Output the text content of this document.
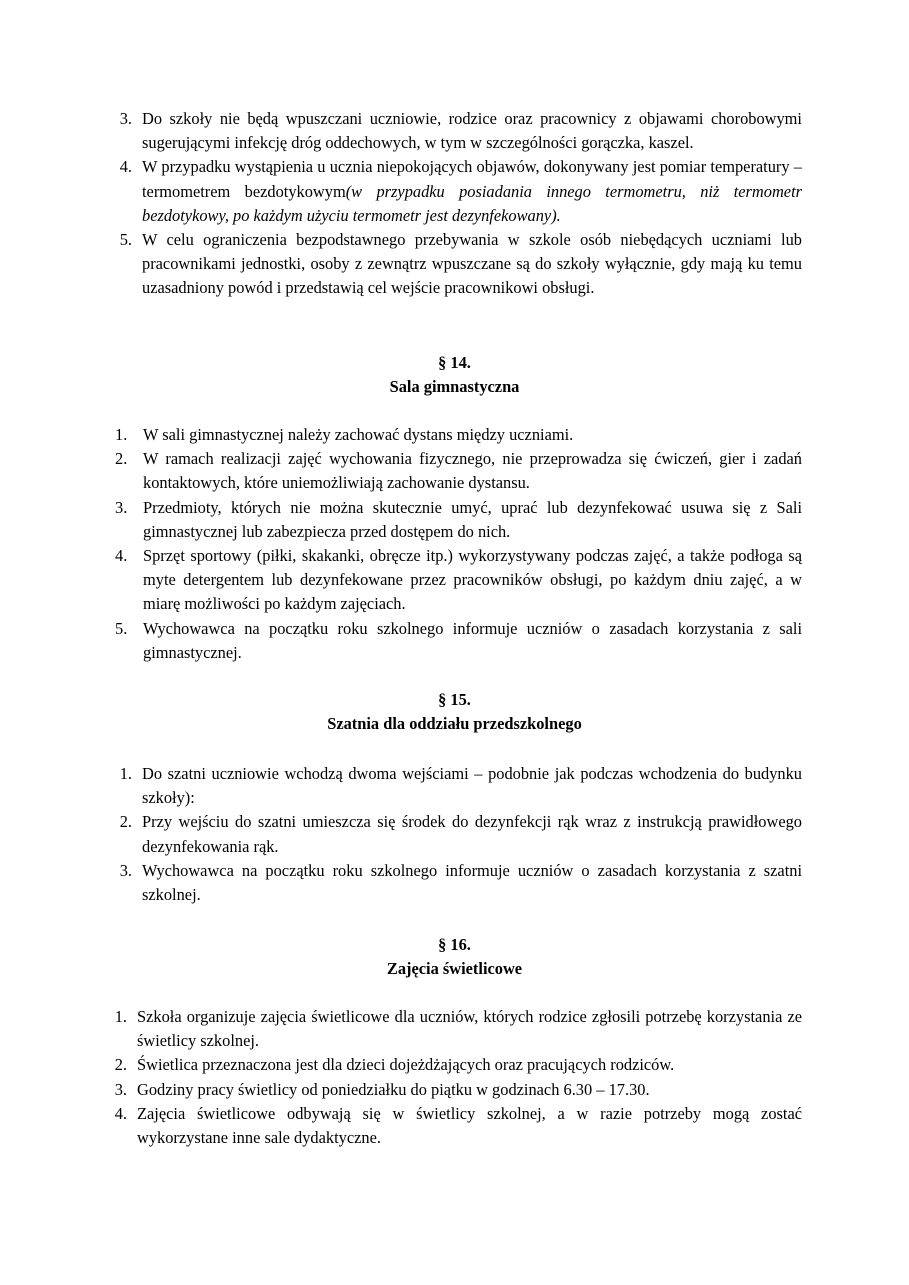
3. Do szkoły nie będą wpuszczani uczniowie, rodzice oraz pracownicy z objawami chorobowymi sugerującymi infekcję dróg oddechowych, w tym w szczególności gorączka, kaszel.
4. W przypadku wystąpienia u ucznia niepokojących objawów, dokonywany jest pomiar temperatury – termometrem bezdotykowym(w przypadku posiadania innego termometru, niż termometr bezdotykowy, po każdym użyciu termometr jest dezynfekowany).
5. W celu ograniczenia bezpodstawnego przebywania w szkole osób niebędących uczniami lub pracownikami jednostki, osoby z zewnątrz wpuszczane są do szkoły wyłącznie, gdy mają ku temu uzasadniony powód i przedstawią cel wejście pracownikowi obsługi.
§ 14.
Sala gimnastyczna
1. W sali gimnastycznej należy zachować dystans między uczniami.
2. W ramach realizacji zajęć wychowania fizycznego, nie przeprowadza się ćwiczeń, gier i zadań kontaktowych, które uniemożliwiają zachowanie dystansu.
3. Przedmioty, których nie można skutecznie umyć, uprać lub dezynfekować usuwa się z Sali gimnastycznej lub zabezpiecza przed dostępem do nich.
4. Sprzęt sportowy (piłki, skakanki, obręcze itp.) wykorzystywany podczas zajęć, a także podłoga są myte detergentem lub dezynfekowane przez pracowników obsługi, po każdym dniu zajęć, a w miarę możliwości po każdym zajęciach.
5. Wychowawca na początku roku szkolnego informuje uczniów o zasadach korzystania z sali gimnastycznej.
§ 15.
Szatnia dla oddziału przedszkolnego
1. Do szatni uczniowie wchodzą dwoma wejściami – podobnie jak podczas wchodzenia do budynku szkoły):
2. Przy wejściu do szatni umieszcza się środek do dezynfekcji rąk wraz z instrukcją prawidłowego dezynfekowania rąk.
3. Wychowawca na początku roku szkolnego informuje uczniów o zasadach korzystania z szatni szkolnej.
§ 16.
Zajęcia świetlicowe
1. Szkoła organizuje zajęcia świetlicowe dla uczniów, których rodzice zgłosili potrzebę korzystania ze świetlicy szkolnej.
2. Świetlica przeznaczona jest dla dzieci dojeżdżających oraz pracujących rodziców.
3. Godziny pracy świetlicy od poniedziałku do piątku w godzinach 6.30 – 17.30.
4. Zajęcia świetlicowe odbywają się w świetlicy szkolnej, a w razie potrzeby mogą zostać wykorzystane inne sale dydaktyczne.
